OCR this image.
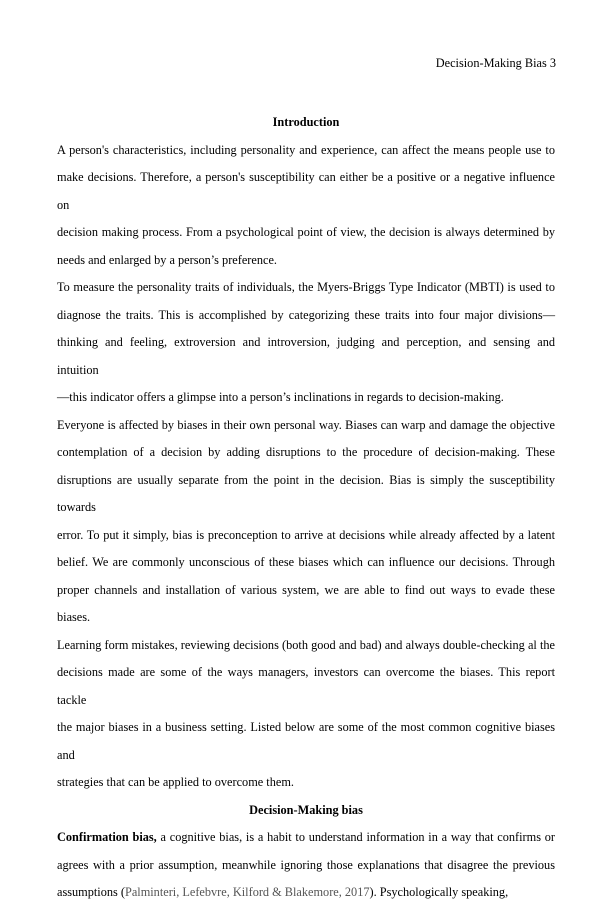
Decision-Making Bias 3
Introduction

A person's characteristics, including personality and experience, can affect the means people use to
make decisions. Therefore, a person's susceptibility can either be a positive or a negative influence on
decision making process. From a psychological point of view, the decision is always determined by
needs and enlarged by a person’s preference.

To measure the personality traits of individuals, the Myers-Briggs Type Indicator (MBTI) is used to
diagnose the traits. This is accomplished by categorizing these traits into four major divisions—
thinking and feeling, extroversion and introversion, judging and perception, and sensing and intuition
—this indicator offers a glimpse into a person’s inclinations in regards to decision-making.

Everyone is affected by biases in their own personal way. Biases can warp and damage the objective
contemplation of a decision by adding disruptions to the procedure of decision-making. These
disruptions are usually separate from the point in the decision. Bias is simply the susceptibility towards
error. To put it simply, bias is preconception to arrive at decisions while already affected by a latent
belief. We are commonly unconscious of these biases which can influence our decisions. Through
proper channels and installation of various system, we are able to find out ways to evade these biases.
Learning form mistakes, reviewing decisions (both good and bad) and always double-checking al the
decisions made are some of the ways managers, investors can overcome the biases. This report tackle
the major biases in a business setting. Listed below are some of the most common cognitive biases and
strategies that can be applied to overcome them.

Decision-Making bias

Confirmation bias, a cognitive bias, is a habit to understand information in a way that confirms or
agrees with a prior assumption, meanwhile ignoring those explanations that disagree the previous
assumptions (Palminteri, Lefebvre, Kilford & Blakemore, 2017). Psychologically speaking,
